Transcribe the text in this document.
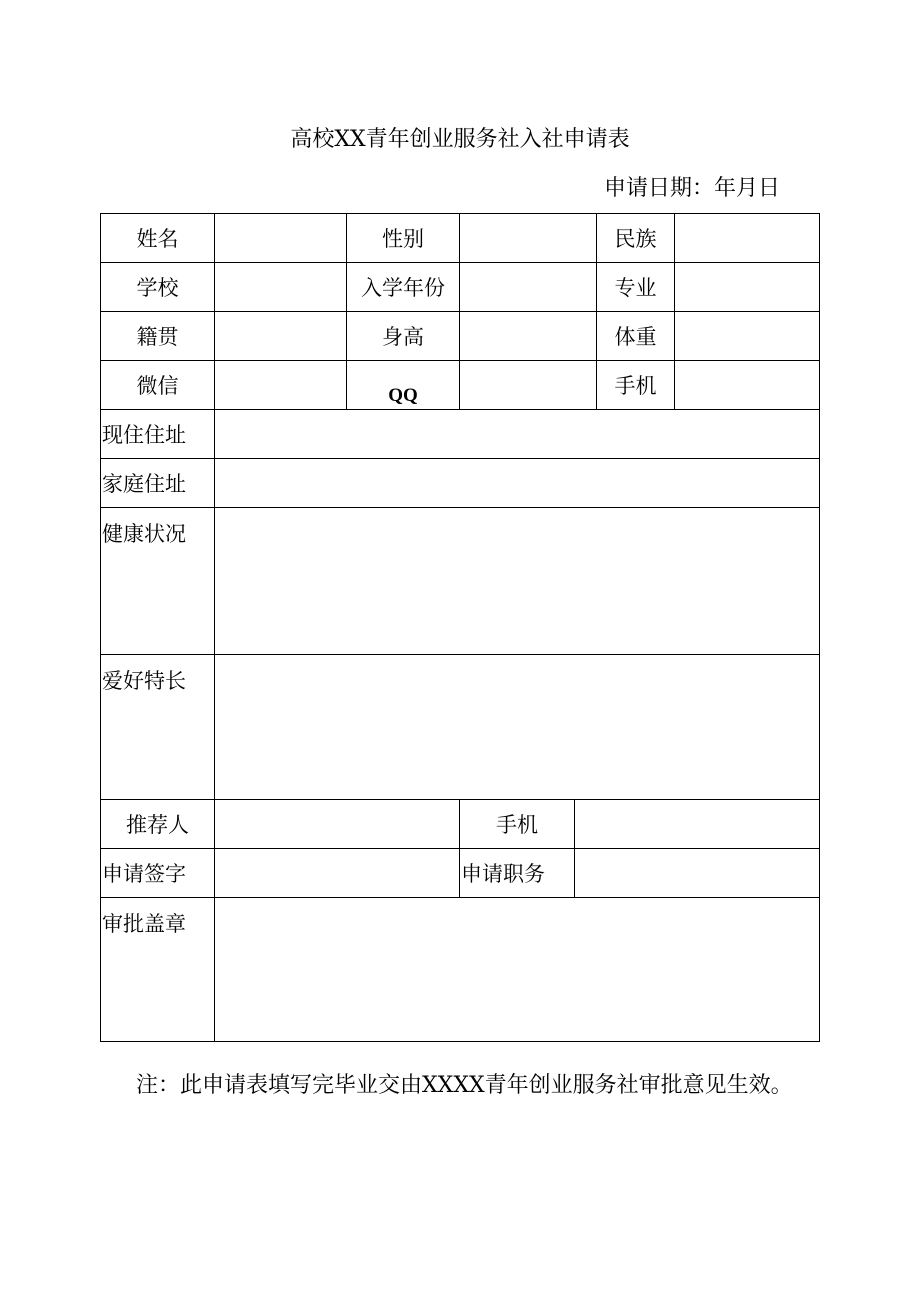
高校XX青年创业服务社入社申请表
申请日期：年月日
姓名	性别	民族
学校	入学年份	专业
籍贯	身高	体重
微信	QQ	手机
现住住址
家庭住址
健康状况
爱好特长
推荐人	手机
申请签字	申请职务
审批盖章
注：此申请表填写完毕业交由XXXX青年创业服务社审批意见生效。
